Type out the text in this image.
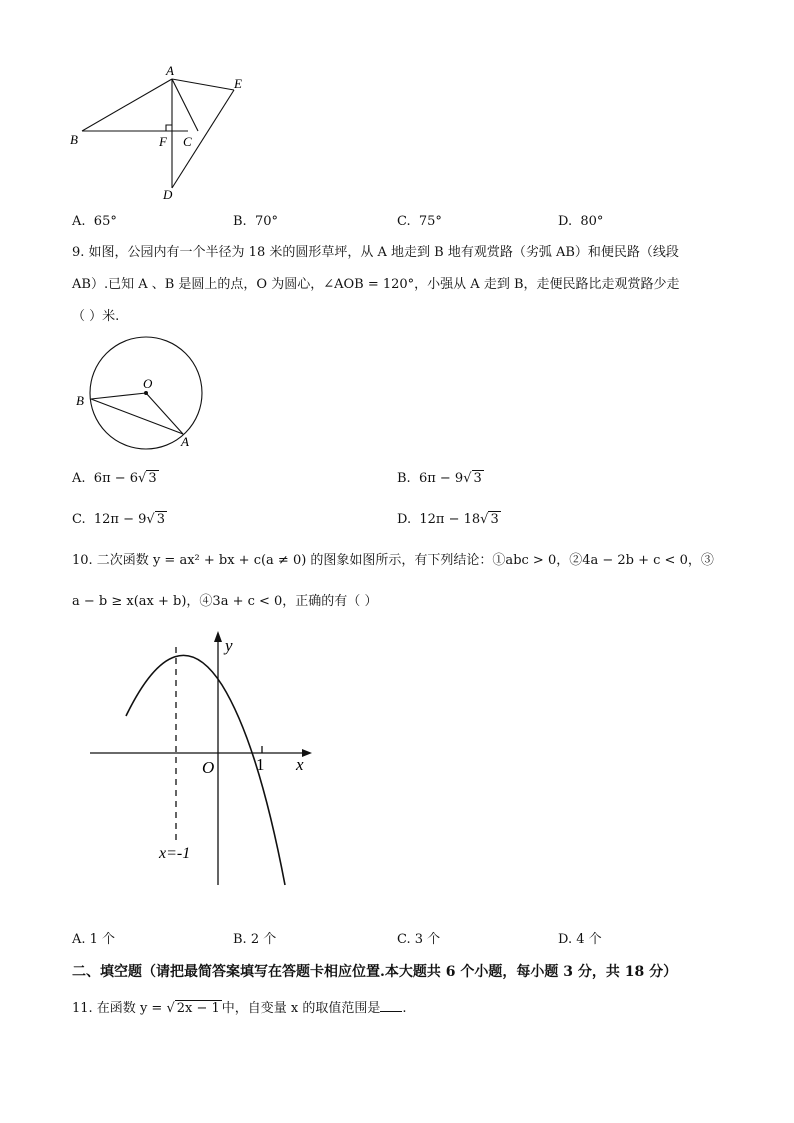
A
E
B	F C
D
A. 65°	B. 70°	C. 75°	D. 80°
9. 如图，公园内有一个半径为 18 米的圆形草坪，从 A 地走到 B 地有观赏路（劣弧 AB）和便民路（线段
AB）.已知 A 、B 是圆上的点，O 为圆心，∠AOB = 120°，小强从 A 走到 B，走便民路比走观赏路少走
（ ）米.
O
B
A
A. 6π − 6√ 3	B. 6π − 9√ 3
C. 12π − 9√ 3	D. 12π − 18√ 3
10. 二次函数 y = ax² + bx + c(a ≠ 0) 的图象如图所示，有下列结论：①abc > 0，②4a − 2b + c < 0，③
a − b ≥ x(ax + b)，④3a + c < 0，正确的有（ ）
y
x
O 1
x=-1
A. 1 个	B. 2 个	C. 3 个	D. 4 个
二、填空题（请把最简答案填写在答题卡相应位置.本大题共 6 个小题，每小题 3 分，共 18 分）
11. 在函数 y = √ 2x − 1 中，自变量 x 的取值范围是 .
